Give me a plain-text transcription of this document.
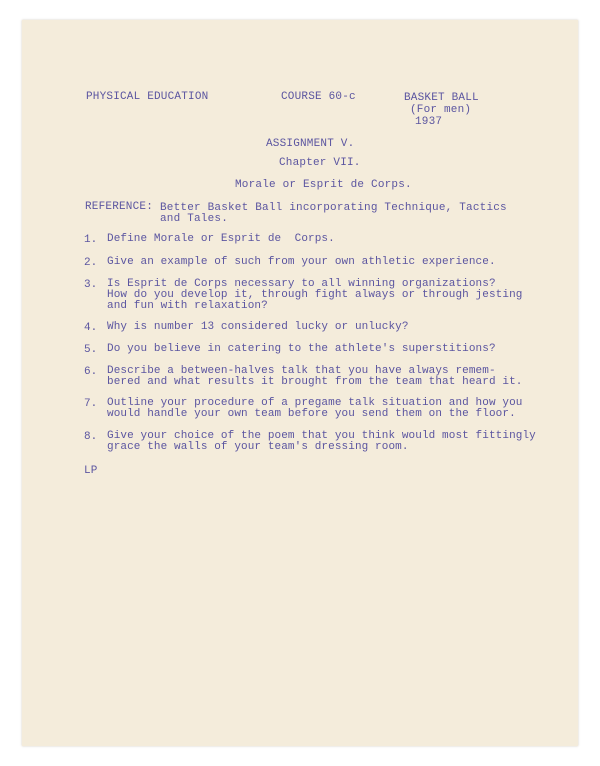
PHYSICAL EDUCATION	COURSE 60-c	BASKET BALL
(For men)
1937
ASSIGNMENT V.
Chapter VII.
Morale or Esprit de Corps.
REFERENCE: Better Basket Ball incorporating Technique, Tactics
and Tales.
1. Define Morale or Esprit de  Corps.
2. Give an example of such from your own athletic experience.
3. Is Esprit de Corps necessary to all winning organizations?
How do you develop it, through fight always or through jesting
and fun with relaxation?
4. Why is number 13 considered lucky or unlucky?
5. Do you believe in catering to the athlete's superstitions?
6. Describe a between-halves talk that you have always remem-
bered and what results it brought from the team that heard it.
7. Outline your procedure of a pregame talk situation and how you
would handle your own team before you send them on the floor.
8. Give your choice of the poem that you think would most fittingly
grace the walls of your team's dressing room.
LP
